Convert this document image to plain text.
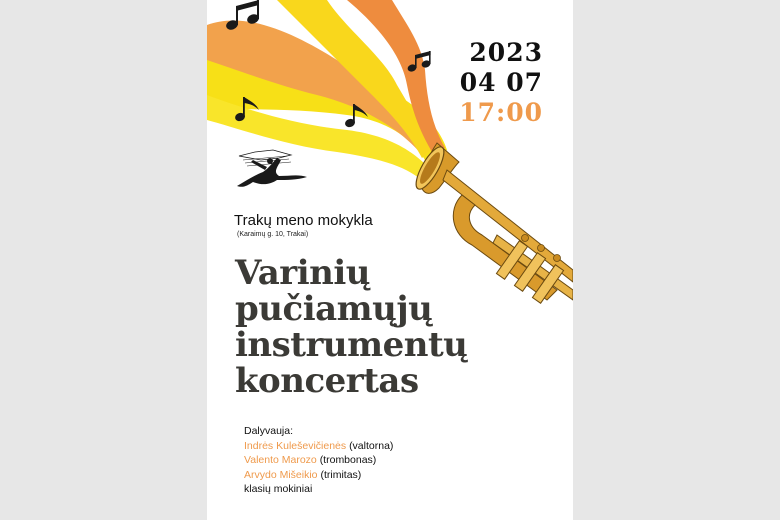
2023
04 07
17:00
Trakų meno mokykla
(Karaimų g. 10, Trakai)
Varinių
pučiamųjų
instrumentų
koncertas
Dalyvauja:
Indrės Kuleševičienės (valtorna)
Valento Marozo (trombonas)
Arvydo Mišeikio (trimitas)
klasių mokiniai
